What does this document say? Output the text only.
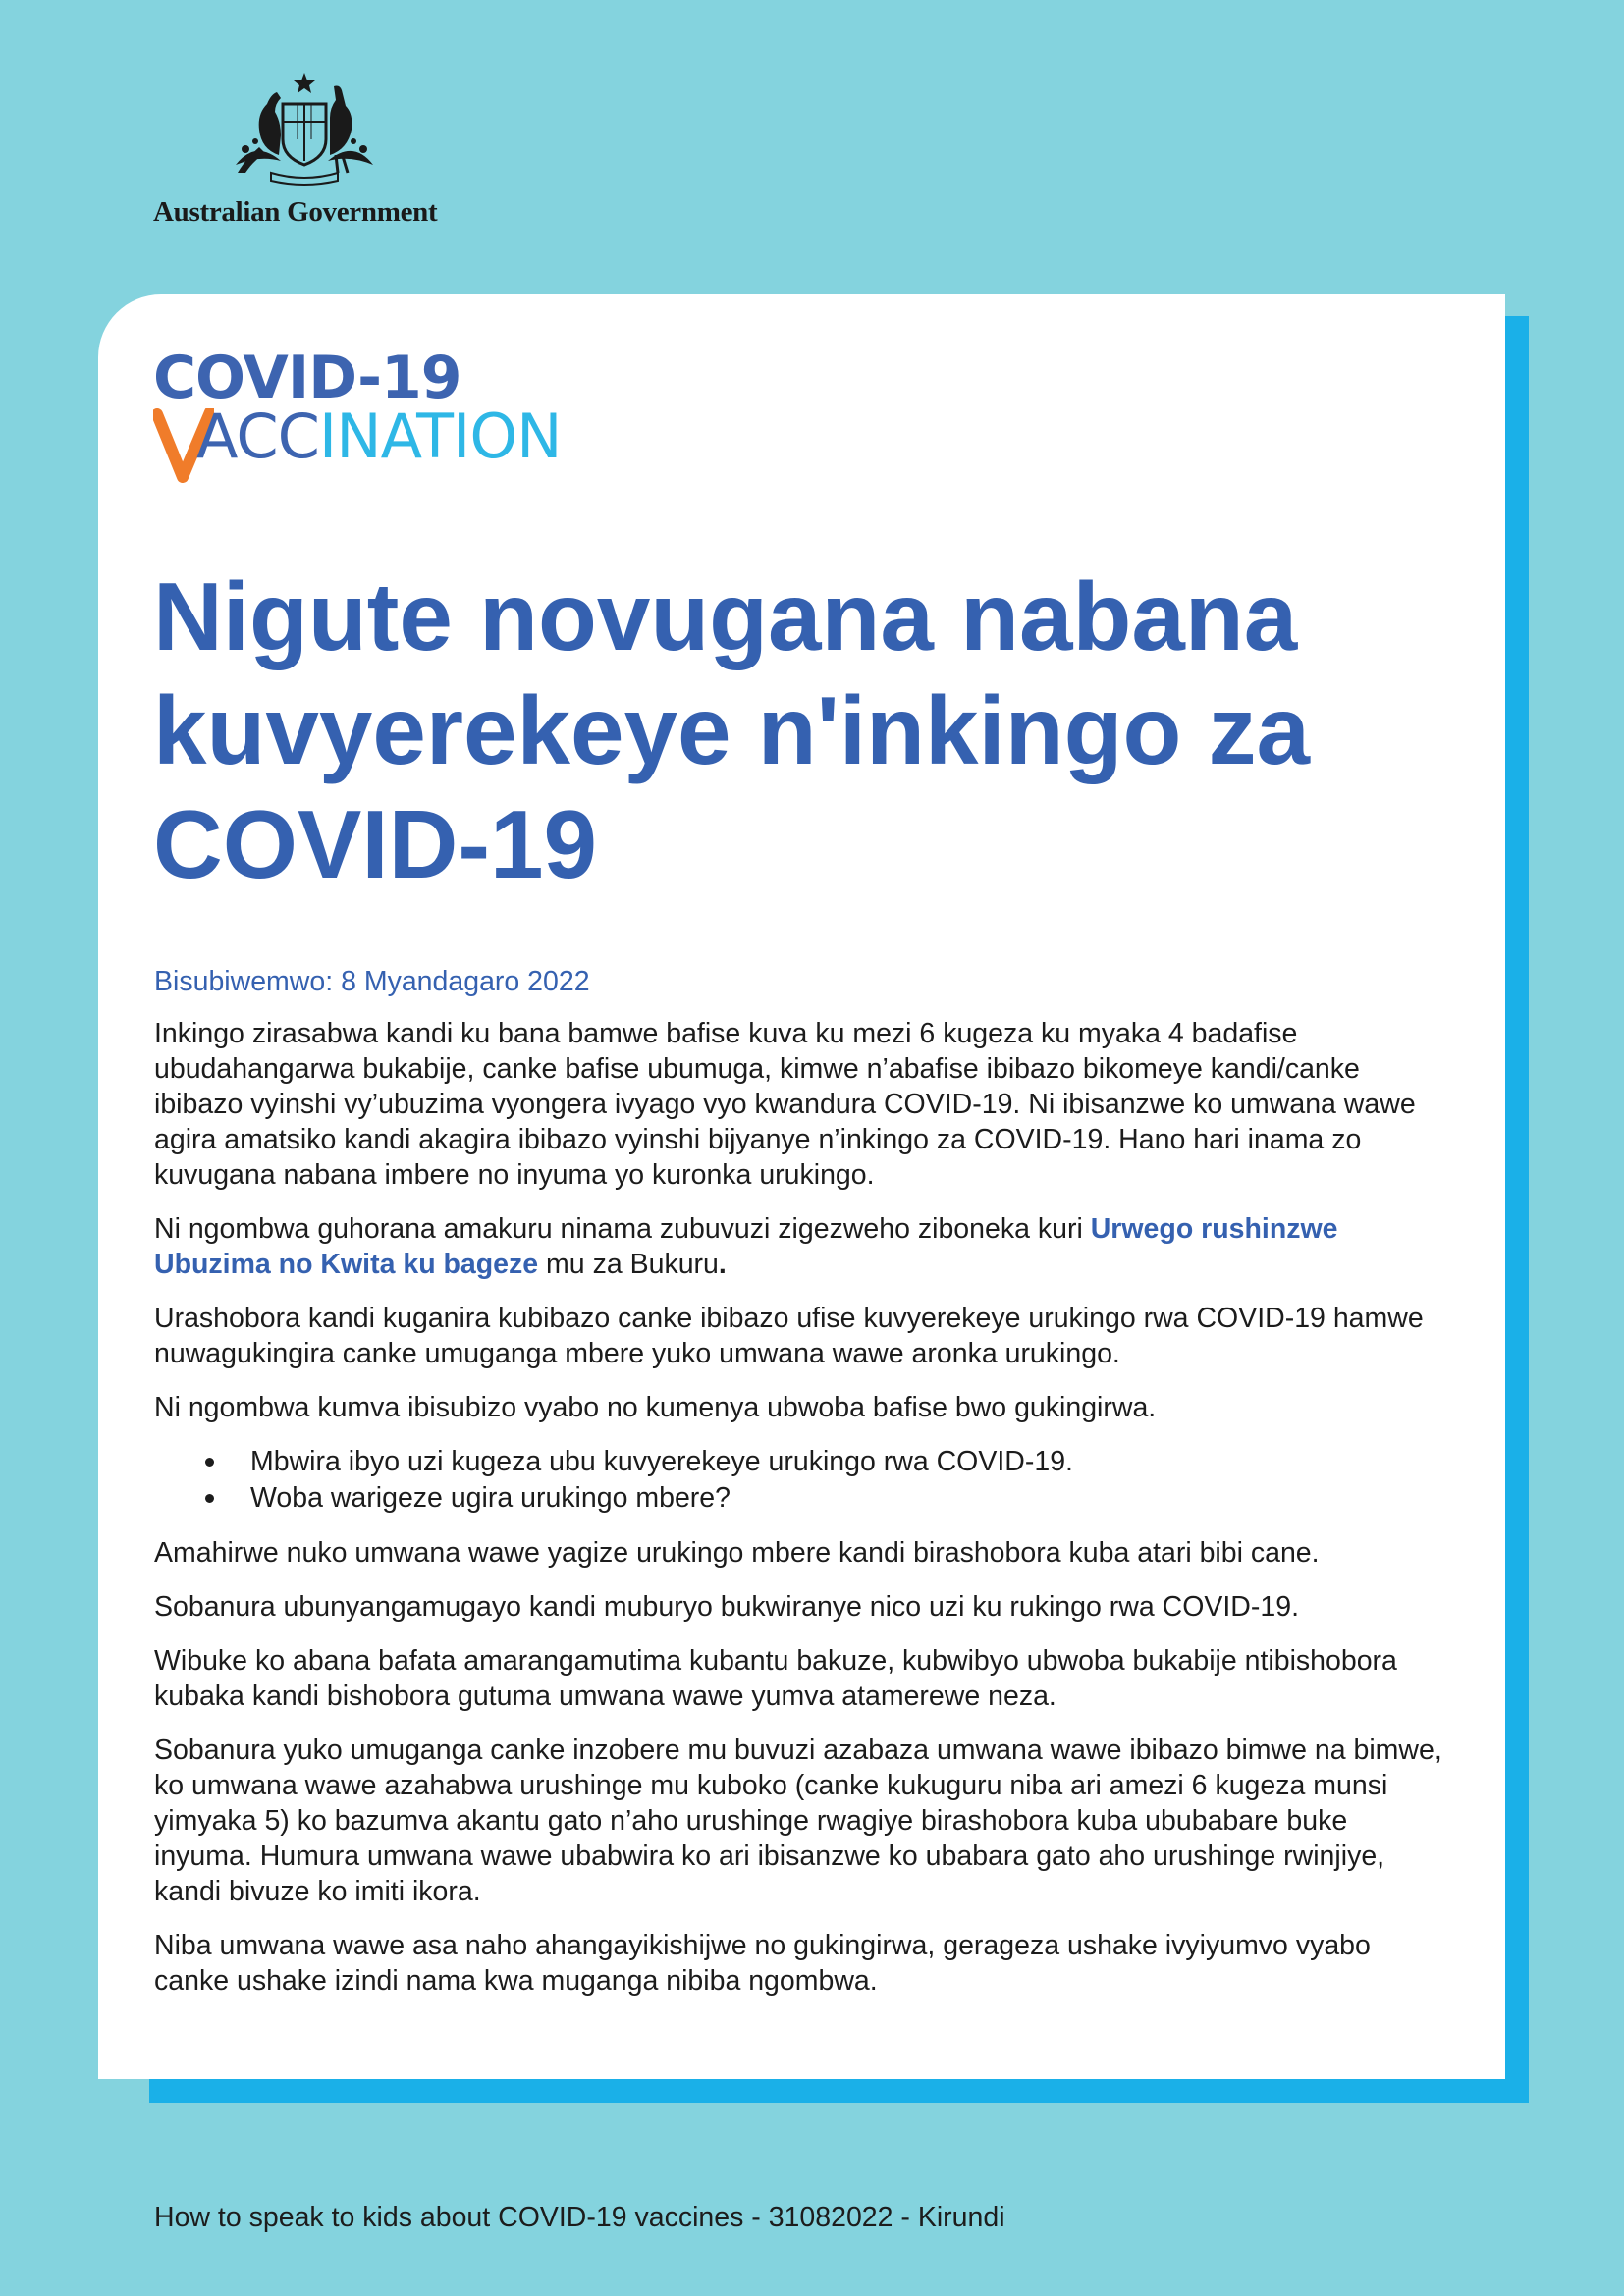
Australian Government
COVID-19
ACCINATION
Nigute novugana nabana
kuvyerekeye n'inkingo za
COVID-19
Bisubiwemwo: 8 Myandagaro 2022

Inkingo zirasabwa kandi ku bana bamwe bafise kuva ku mezi 6 kugeza ku myaka 4 badafise ubudahangarwa bukabije, canke bafise ubumuga, kimwe n’abafise ibibazo bikomeye kandi/canke ibibazo vyinshi vy’ubuzima vyongera ivyago vyo kwandura COVID-19. Ni ibisanzwe ko umwana wawe agira amatsiko kandi akagira ibibazo vyinshi bijyanye n’inkingo za COVID-19. Hano hari inama zo kuvugana nabana imbere no inyuma yo kuronka urukingo.

Ni ngombwa guhorana amakuru ninama zubuvuzi zigezweho ziboneka kuri Urwego rushinzwe Ubuzima no Kwita ku bageze mu za Bukuru.

Urashobora kandi kuganira kubibazo canke ibibazo ufise kuvyerekeye urukingo rwa COVID-19 hamwe nuwagukingira canke umuganga mbere yuko umwana wawe aronka urukingo.

Ni ngombwa kumva ibisubizo vyabo no kumenya ubwoba bafise bwo gukingirwa.

Mbwira ibyo uzi kugeza ubu kuvyerekeye urukingo rwa COVID-19.
Woba warigeze ugira urukingo mbere?

Amahirwe nuko umwana wawe yagize urukingo mbere kandi birashobora kuba atari bibi cane.

Sobanura ubunyangamugayo kandi muburyo bukwiranye nico uzi ku rukingo rwa COVID-19.

Wibuke ko abana bafata amarangamutima kubantu bakuze, kubwibyo ubwoba bukabije ntibishobora kubaka kandi bishobora gutuma umwana wawe yumva atamerewe neza.

Sobanura yuko umuganga canke inzobere mu buvuzi azabaza umwana wawe ibibazo bimwe na bimwe, ko umwana wawe azahabwa urushinge mu kuboko (canke kukuguru niba ari amezi 6 kugeza munsi yimyaka 5) ko bazumva akantu gato n’aho urushinge rwagiye birashobora kuba ububabare buke inyuma. Humura umwana wawe ubabwira ko ari ibisanzwe ko ubabara gato aho urushinge rwinjiye, kandi bivuze ko imiti ikora.

Niba umwana wawe asa naho ahangayikishijwe no gukingirwa, gerageza ushake ivyiyumvo vyabo canke ushake izindi nama kwa muganga nibiba ngombwa.

How to speak to kids about COVID-19 vaccines - 31082022 - Kirundi
